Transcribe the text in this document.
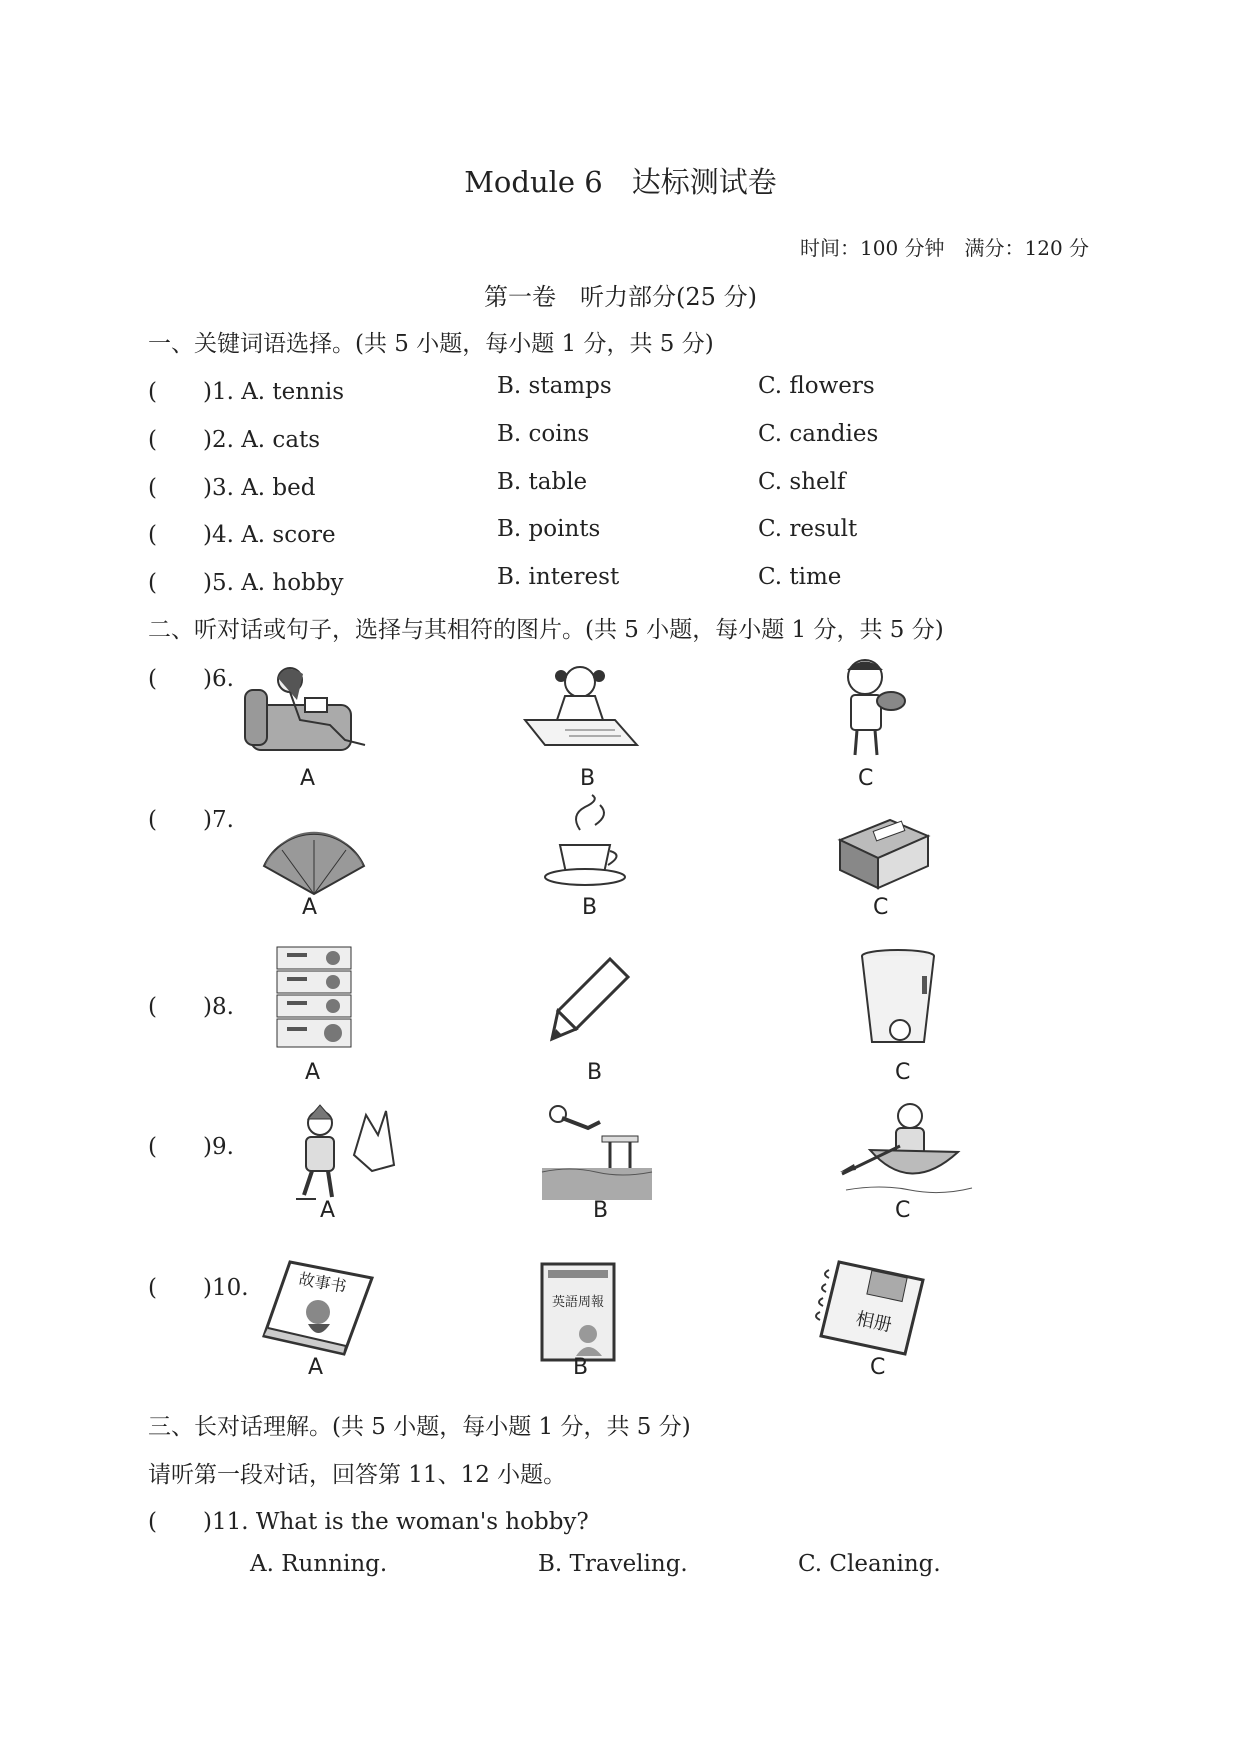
Module 6　达标测试卷
时间：100 分钟　满分：120 分
第一卷　听力部分(25 分)
一、关键词语选择。(共 5 小题，每小题 1 分，共 5 分)
(　　)1. A. tennis	B. stamps	C. flowers
(　　)2. A. cats	B. coins	C. candies
(　　)3. A. bed	B. table	C. shelf
(　　)4. A. score	B. points	C. result
(　　)5. A. hobby	B. interest	C. time
二、听对话或句子，选择与其相符的图片。(共 5 小题，每小题 1 分，共 5 分)
(　　)6.
A	B	C
(　　)7.
A	B	C
(　　)8.
A	B	C
(　　)9.
A	B	C
(　　)10.	故事书
英語周報
相册
A	B	C
三、长对话理解。(共 5 小题，每小题 1 分，共 5 分)
请听第一段对话，回答第 11、12 小题。
(　　)11. What is the woman's hobby?
A. Running.	B. Traveling.	C. Cleaning.
